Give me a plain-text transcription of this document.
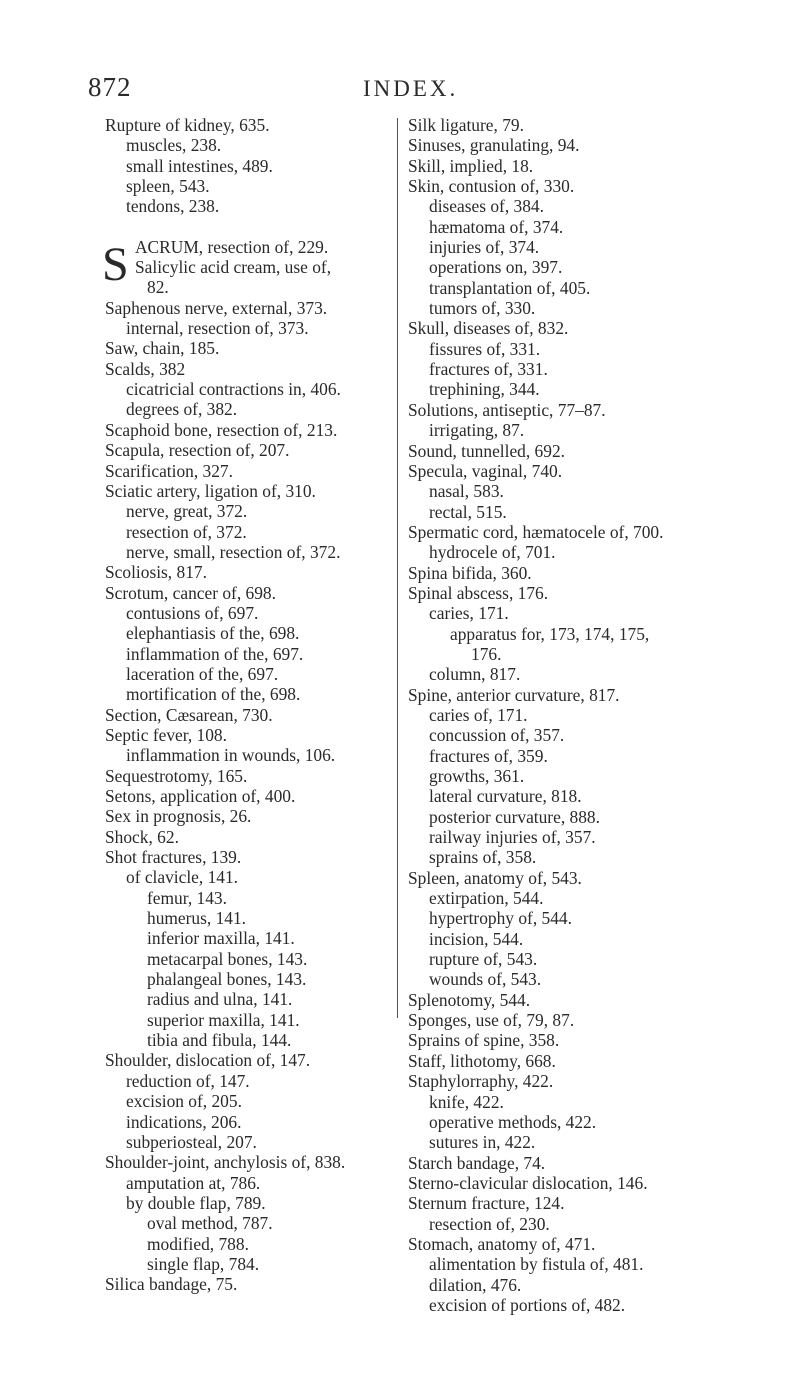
872	INDEX.
Rupture of kidney, 635.
muscles, 238.
small intestines, 489.
spleen, 543.
tendons, 238.

S ACRUM, resection of, 229.
Salicylic acid cream, use of,
82.
Saphenous nerve, external, 373.
internal, resection of, 373.
Saw, chain, 185.
Scalds, 382
cicatricial contractions in, 406.
degrees of, 382.
Scaphoid bone, resection of, 213.
Scapula, resection of, 207.
Scarification, 327.
Sciatic artery, ligation of, 310.
nerve, great, 372.
resection of, 372.
nerve, small, resection of, 372.
Scoliosis, 817.
Scrotum, cancer of, 698.
contusions of, 697.
elephantiasis of the, 698.
inflammation of the, 697.
laceration of the, 697.
mortification of the, 698.
Section, Cæsarean, 730.
Septic fever, 108.
inflammation in wounds, 106.
Sequestrotomy, 165.
Setons, application of, 400.
Sex in prognosis, 26.
Shock, 62.
Shot fractures, 139.
of clavicle, 141.
femur, 143.
humerus, 141.
inferior maxilla, 141.
metacarpal bones, 143.
phalangeal bones, 143.
radius and ulna, 141.
superior maxilla, 141.
tibia and fibula, 144.
Shoulder, dislocation of, 147.
reduction of, 147.
excision of, 205.
indications, 206.
subperiosteal, 207.
Shoulder-joint, anchylosis of, 838.
amputation at, 786.
by double flap, 789.
oval method, 787.
modified, 788.
single flap, 784.
Silica bandage, 75.
Silk ligature, 79.
Sinuses, granulating, 94.
Skill, implied, 18.
Skin, contusion of, 330.
diseases of, 384.
hæmatoma of, 374.
injuries of, 374.
operations on, 397.
transplantation of, 405.
tumors of, 330.
Skull, diseases of, 832.
fissures of, 331.
fractures of, 331.
trephining, 344.
Solutions, antiseptic, 77–87.
irrigating, 87.
Sound, tunnelled, 692.
Specula, vaginal, 740.
nasal, 583.
rectal, 515.
Spermatic cord, hæmatocele of, 700.
hydrocele of, 701.
Spina bifida, 360.
Spinal abscess, 176.
caries, 171.
apparatus for, 173, 174, 175,
176.
column, 817.
Spine, anterior curvature, 817.
caries of, 171.
concussion of, 357.
fractures of, 359.
growths, 361.
lateral curvature, 818.
posterior curvature, 888.
railway injuries of, 357.
sprains of, 358.
Spleen, anatomy of, 543.
extirpation, 544.
hypertrophy of, 544.
incision, 544.
rupture of, 543.
wounds of, 543.
Splenotomy, 544.
Sponges, use of, 79, 87.
Sprains of spine, 358.
Staff, lithotomy, 668.
Staphylorraphy, 422.
knife, 422.
operative methods, 422.
sutures in, 422.
Starch bandage, 74.
Sterno-clavicular dislocation, 146.
Sternum fracture, 124.
resection of, 230.
Stomach, anatomy of, 471.
alimentation by fistula of, 481.
dilation, 476.
excision of portions of, 482.
